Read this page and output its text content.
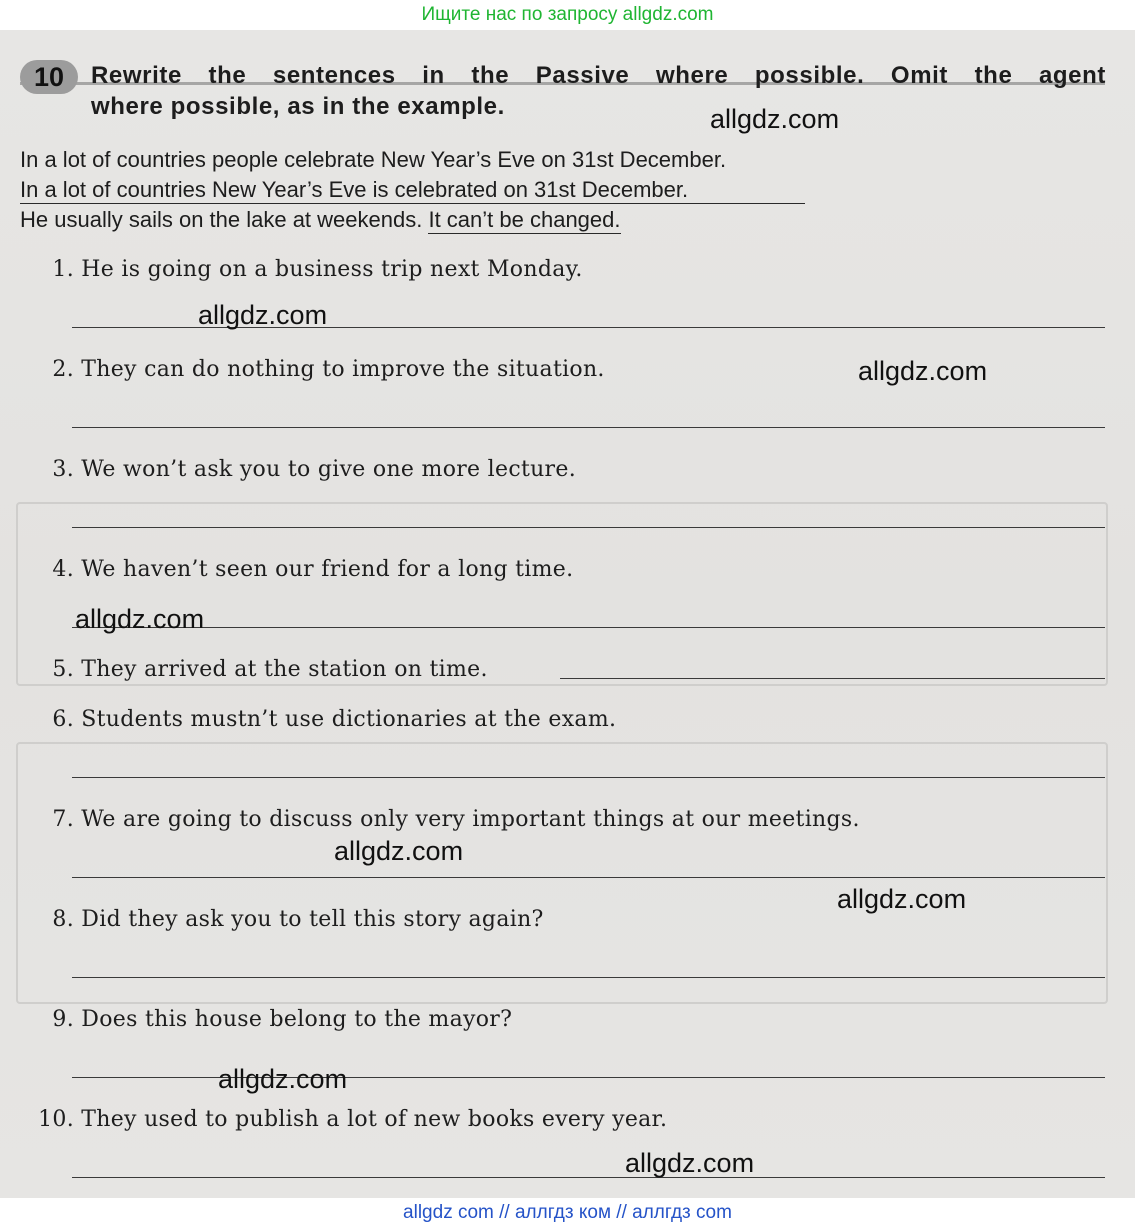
Ищите нас по запросу allgdz.com
10	Rewrite the sentences in the Passive where possible. Omit the agent
where possible, as in the example.
In a lot of countries people celebrate New Year’s Eve on 31st December.
In a lot of countries New Year’s Eve is celebrated on 31st December.
He usually sails on the lake at weekends. It can’t be changed.
1. He is going on a business trip next Monday.
2. They can do nothing to improve the situation.
3. We won’t ask you to give one more lecture.
4. We haven’t seen our friend for a long time.
5. They arrived at the station on time.
6. Students mustn’t use dictionaries at the exam.
7. We are going to discuss only very important things at our meetings.
8. Did they ask you to tell this story again?
9. Does this house belong to the mayor?
10. They used to publish a lot of new books every year.
allgdz.com
allgdz.com
allgdz.com
allgdz.com
allgdz.com
allgdz.com
allgdz.com
allgdz.com
allgdz com // аллгдз ком // аллгдз com
